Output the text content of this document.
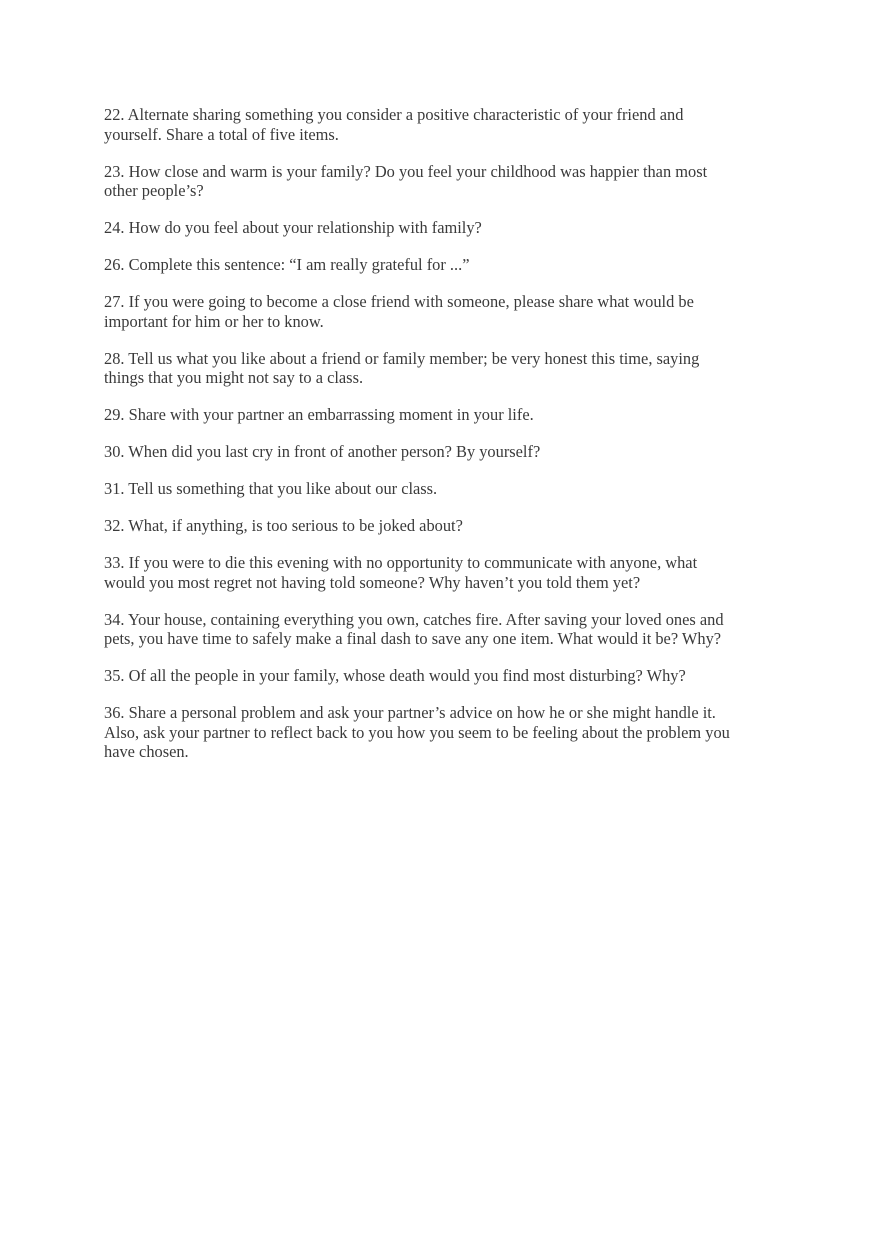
22. Alternate sharing something you consider a positive characteristic of your friend and yourself. Share a total of five items.

23. How close and warm is your family? Do you feel your childhood was happier than most other people’s?

24. How do you feel about your relationship with family?

26. Complete this sentence: “I am really grateful for ...”

27. If you were going to become a close friend with someone, please share what would be important for him or her to know.

28. Tell us what you like about a friend or family member; be very honest this time, saying things that you might not say to a class.

29. Share with your partner an embarrassing moment in your life.

30. When did you last cry in front of another person? By yourself?

31. Tell us something that you like about our class.

32. What, if anything, is too serious to be joked about?

33. If you were to die this evening with no opportunity to communicate with anyone, what would you most regret not having told someone? Why haven’t you told them yet?

34. Your house, containing everything you own, catches fire. After saving your loved ones and pets, you have time to safely make a final dash to save any one item. What would it be? Why?

35. Of all the people in your family, whose death would you find most disturbing? Why?

36. Share a personal problem and ask your partner’s advice on how he or she might handle it. Also, ask your partner to reflect back to you how you seem to be feeling about the problem you have chosen.
